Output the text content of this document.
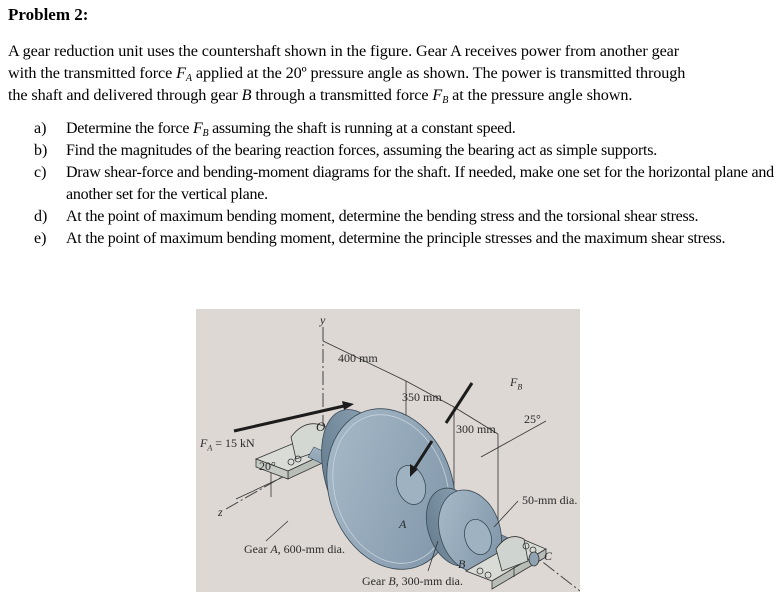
Problem 2:
A gear reduction unit uses the countershaft shown in the figure. Gear A receives power from another gear
with the transmitted force $F_A$ applied at the 20º pressure angle as shown. The power is transmitted through
the shaft and delivered through gear B through a transmitted force $F_B$ at the pressure angle shown.
a)	Determine the force $F_B$ assuming the shaft is running at a constant speed.
b)	Find the magnitudes of the bearing reaction forces, assuming the bearing act as simple supports.
c)	Draw shear-force and bending-moment diagrams for the shaft. If needed, make one set for the horizontal plane and another set for the vertical plane.
d)	At the point of maximum bending moment, determine the bending stress and the torsional shear stress.
e)	At the point of maximum bending moment, determine the principle stresses and the maximum shear stress.
y
400 mm
350 mm
300 mm
O
$F_A = 15$ kN
20°
z
$F_B$
25°
50-mm dia.
A
B
C
Gear A, 600-mm dia.
Gear B, 300-mm dia.
